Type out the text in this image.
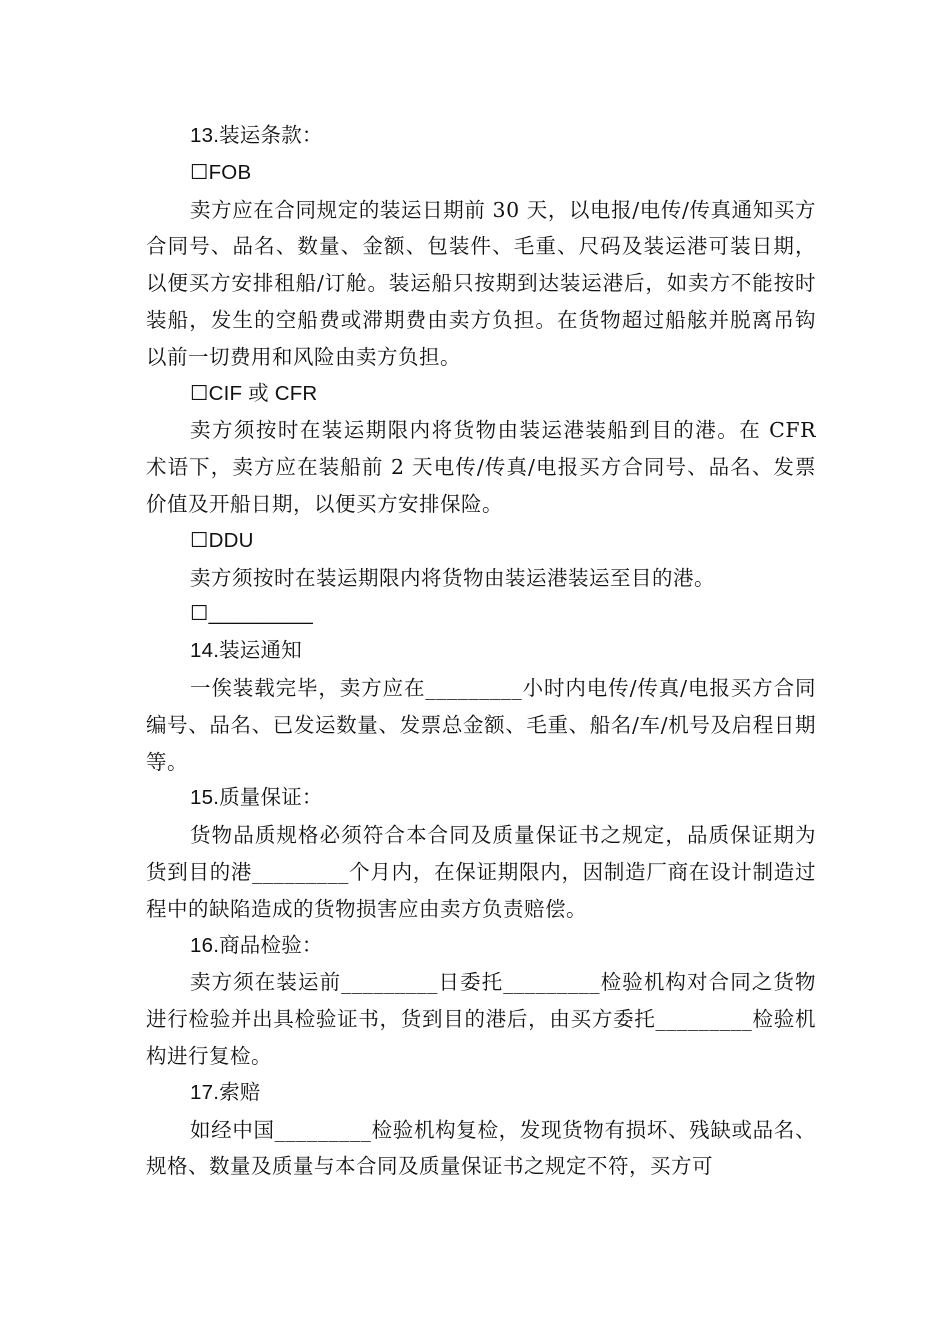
13.装运条款：

☐FOB

卖方应在合同规定的装运日期前 30 天，以电报/电传/传真通知买方合同号、品名、数量、金额、包装件、毛重、尺码及装运港可装日期，以便买方安排租船/订舱。装运船只按期到达装运港后，如卖方不能按时装船，发生的空船费或滞期费由卖方负担。在货物超过船舷并脱离吊钩以前一切费用和风险由卖方负担。

☐CIF 或 CFR

卖方须按时在装运期限内将货物由装运港装船到目的港。在 CFR 术语下，卖方应在装船前 2 天电传/传真/电报买方合同号、品名、发票价值及开船日期，以便买方安排保险。

☐DDU

卖方须按时在装运期限内将货物由装运港装运至目的港。

☐_________

14.装运通知

一俟装载完毕，卖方应在_________小时内电传/传真/电报买方合同编号、品名、已发运数量、发票总金额、毛重、船名/车/机号及启程日期等。

15.质量保证：

货物品质规格必须符合本合同及质量保证书之规定，品质保证期为货到目的港_________个月内，在保证期限内，因制造厂商在设计制造过程中的缺陷造成的货物损害应由卖方负责赔偿。

16.商品检验：

卖方须在装运前_________日委托_________检验机构对合同之货物进行检验并出具检验证书，货到目的港后，由买方委托_________检验机构进行复检。

17.索赔

如经中国_________检验机构复检，发现货物有损坏、残缺或品名、规格、数量及质量与本合同及质量保证书之规定不符，买方可
